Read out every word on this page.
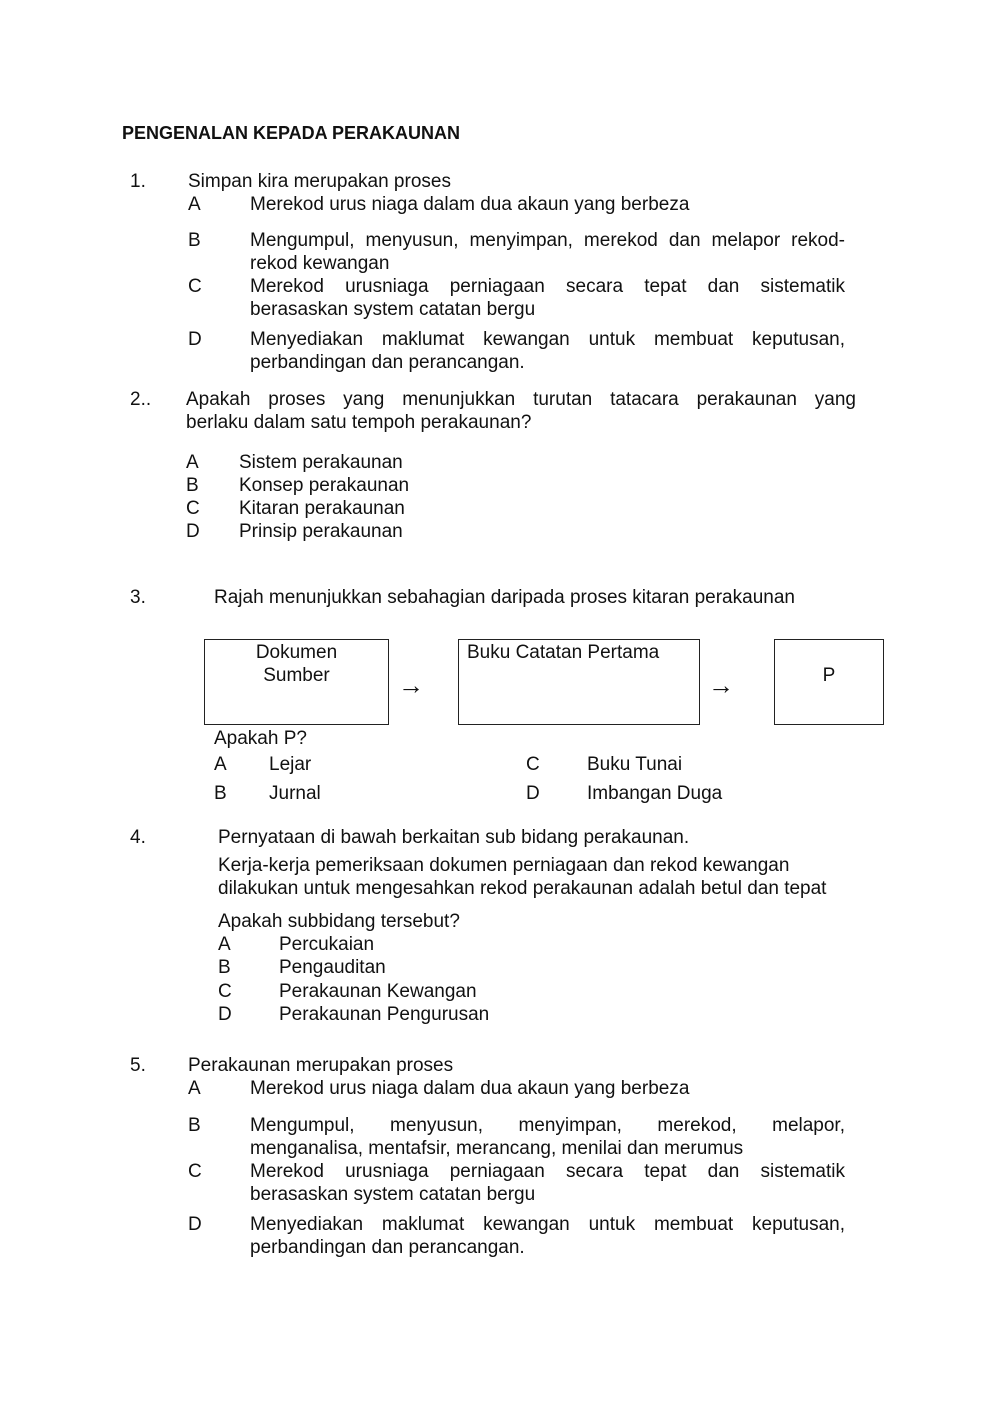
PENGENALAN KEPADA PERAKAUNAN
1. Simpan kira merupakan proses
A	Merekod urus niaga dalam dua akaun yang berbeza
B	Mengumpul, menyusun, menyimpan, merekod dan melapor rekod-
rekod kewangan
C	Merekod urusniaga perniagaan secara tepat dan sistematik
berasaskan system catatan bergu
D	Menyediakan maklumat kewangan untuk membuat keputusan,
perbandingan dan perancangan.
2.. Apakah proses yang menunjukkan turutan tatacara perakaunan yang
berlaku dalam satu tempoh perakaunan?
A Sistem perakaunan
B Konsep perakaunan
C Kitaran perakaunan
D Prinsip perakaunan
3.	Rajah menunjukkan sebahagian daripada proses kitaran perakaunan
Dokumen
Sumber	→
Buku Catatan Pertama
→	P
Apakah P?
A Lejar
B Jurnal
C Buku Tunai
D Imbangan Duga
4.	Pernyataan di bawah berkaitan sub bidang perakaunan.
Kerja-kerja pemeriksaan dokumen perniagaan dan rekod kewangan
dilakukan untuk mengesahkan rekod perakaunan adalah betul dan tepat
Apakah subbidang tersebut?
A	Percukaian
B	Pengauditan
C Perakaunan Kewangan
D Perakaunan Pengurusan
5. Perakaunan merupakan proses
A	Merekod urus niaga dalam dua akaun yang berbeza
B	Mengumpul, menyusun, menyimpan, merekod, melapor,
menganalisa, mentafsir, merancang, menilai dan merumus
C	Merekod urusniaga perniagaan secara tepat dan sistematik
berasaskan system catatan bergu
D	Menyediakan maklumat kewangan untuk membuat keputusan,
perbandingan dan perancangan.
